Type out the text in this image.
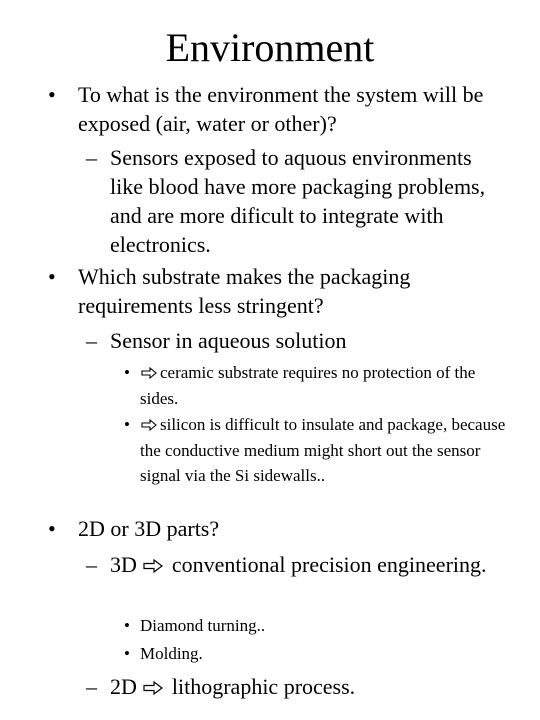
Environment
• To what is the environment the system will be exposed (air, water or other)?
– Sensors exposed to aquous environments like blood have more packaging problems, and are more dificult to integrate with electronics.
• Which substrate makes the packaging requirements less stringent?
– Sensor in aqueous solution
• ceramic substrate requires no protection of the sides.
• silicon is difficult to insulate and package, because the conductive medium might short out the sensor signal via the Si sidewalls..
• 2D or 3D parts?
– 3D conventional precision engineering.
• Diamond turning..
• Molding.
– 2D lithographic process.
